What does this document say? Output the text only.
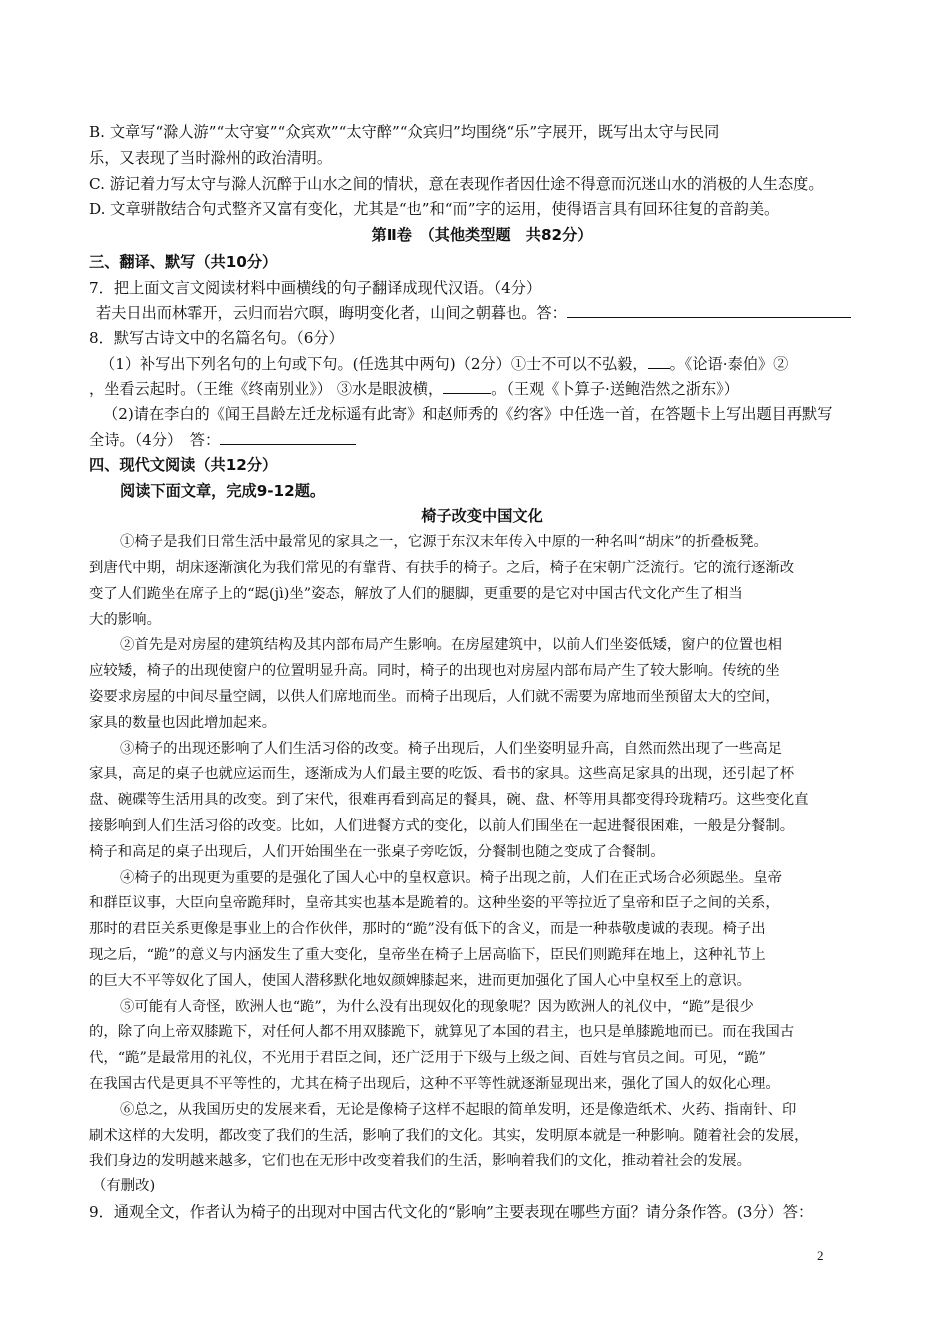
B. 文章写“滁人游”“太守宴”“众宾欢”“太守醉”“众宾归”均围绕“乐”字展开，既写出太守与民同
乐，又表现了当时滁州的政治清明。
C. 游记着力写太守与滁人沉醉于山水之间的情状，意在表现作者因仕途不得意而沉迷山水的消极的人生态度。
D. 文章骈散结合句式整齐又富有变化，尤其是“也”和“而”字的运用，使得语言具有回环往复的音韵美。
第Ⅱ卷　（其他类型题　共82分）
三、翻译、默写（共10分）
7．把上面文言文阅读材料中画横线的句子翻译成现代汉语。（4分）
若夫日出而林霏开，云归而岩穴暝，晦明变化者，山间之朝暮也。答：
8．默写古诗文中的名篇名句。（6分）
（1）补写出下列名句的上句或下句。(任选其中两句)（2分）①士不可以不弘毅， 。《论语·泰伯》②
，坐看云起时。（王维《终南别业》） ③水是眼波横，	。（王观《卜算子·送鲍浩然之浙东》）
（2)请在李白的《闻王昌龄左迁龙标遥有此寄》和赵师秀的《约客》中任选一首，在答题卡上写出题目再默写
全诗。（4分）　答：
四、现代文阅读（共12分）
阅读下面文章，完成9-12题。
椅子改变中国文化
①椅子是我们日常生活中最常见的家具之一，它源于东汉末年传入中原的一种名叫“胡床”的折叠板凳。
到唐代中期，胡床逐渐演化为我们常见的有靠背、有扶手的椅子。之后，椅子在宋朝广泛流行。它的流行逐渐改
变了人们跪坐在席子上的“跽(jì)坐”姿态，解放了人们的腿脚，更重要的是它对中国古代文化产生了相当
大的影响。
②首先是对房屋的建筑结构及其内部布局产生影响。在房屋建筑中，以前人们坐姿低矮，窗户的位置也相
应较矮，椅子的出现使窗户的位置明显升高。同时，椅子的出现也对房屋内部布局产生了较大影响。传统的坐
姿要求房屋的中间尽量空阔，以供人们席地而坐。而椅子出现后，人们就不需要为席地而坐预留太大的空间，
家具的数量也因此增加起来。
③椅子的出现还影响了人们生活习俗的改变。椅子出现后，人们坐姿明显升高，自然而然出现了一些高足
家具，高足的桌子也就应运而生，逐渐成为人们最主要的吃饭、看书的家具。这些高足家具的出现，还引起了杯
盘、碗碟等生活用具的改变。到了宋代，很难再看到高足的餐具，碗、盘、杯等用具都变得玲珑精巧。这些变化直
接影响到人们生活习俗的改变。比如，人们进餐方式的变化，以前人们围坐在一起进餐很困难，一般是分餐制。
椅子和高足的桌子出现后，人们开始围坐在一张桌子旁吃饭，分餐制也随之变成了合餐制。
④椅子的出现更为重要的是强化了国人心中的皇权意识。椅子出现之前，人们在正式场合必须跽坐。皇帝
和群臣议事，大臣向皇帝跪拜时，皇帝其实也基本是跪着的。这种坐姿的平等拉近了皇帝和臣子之间的关系，
那时的君臣关系更像是事业上的合作伙伴，那时的“跪”没有低下的含义，而是一种恭敬虔诚的表现。椅子出
现之后，“跪”的意义与内涵发生了重大变化，皇帝坐在椅子上居高临下，臣民们则跪拜在地上，这种礼节上
的巨大不平等奴化了国人，使国人潜移默化地奴颜婢膝起来，进而更加强化了国人心中皇权至上的意识。
⑤可能有人奇怪，欧洲人也“跪”，为什么没有出现奴化的现象呢？因为欧洲人的礼仪中，“跪”是很少
的，除了向上帝双膝跪下，对任何人都不用双膝跪下，就算见了本国的君主，也只是单膝跪地而已。而在我国古
代，“跪”是最常用的礼仪，不光用于君臣之间，还广泛用于下级与上级之间、百姓与官员之间。可见，“跪”
在我国古代是更具不平等性的，尤其在椅子出现后，这种不平等性就逐渐显现出来，强化了国人的奴化心理。
⑥总之，从我国历史的发展来看，无论是像椅子这样不起眼的简单发明，还是像造纸术、火药、指南针、印
刷术这样的大发明，都改变了我们的生活，影响了我们的文化。其实，发明原本就是一种影响。随着社会的发展，
我们身边的发明越来越多，它们也在无形中改变着我们的生活，影响着我们的文化，推动着社会的发展。
（有删改)
9．通观全文，作者认为椅子的出现对中国古代文化的“影响”主要表现在哪些方面？请分条作答。(3分）答：
2
